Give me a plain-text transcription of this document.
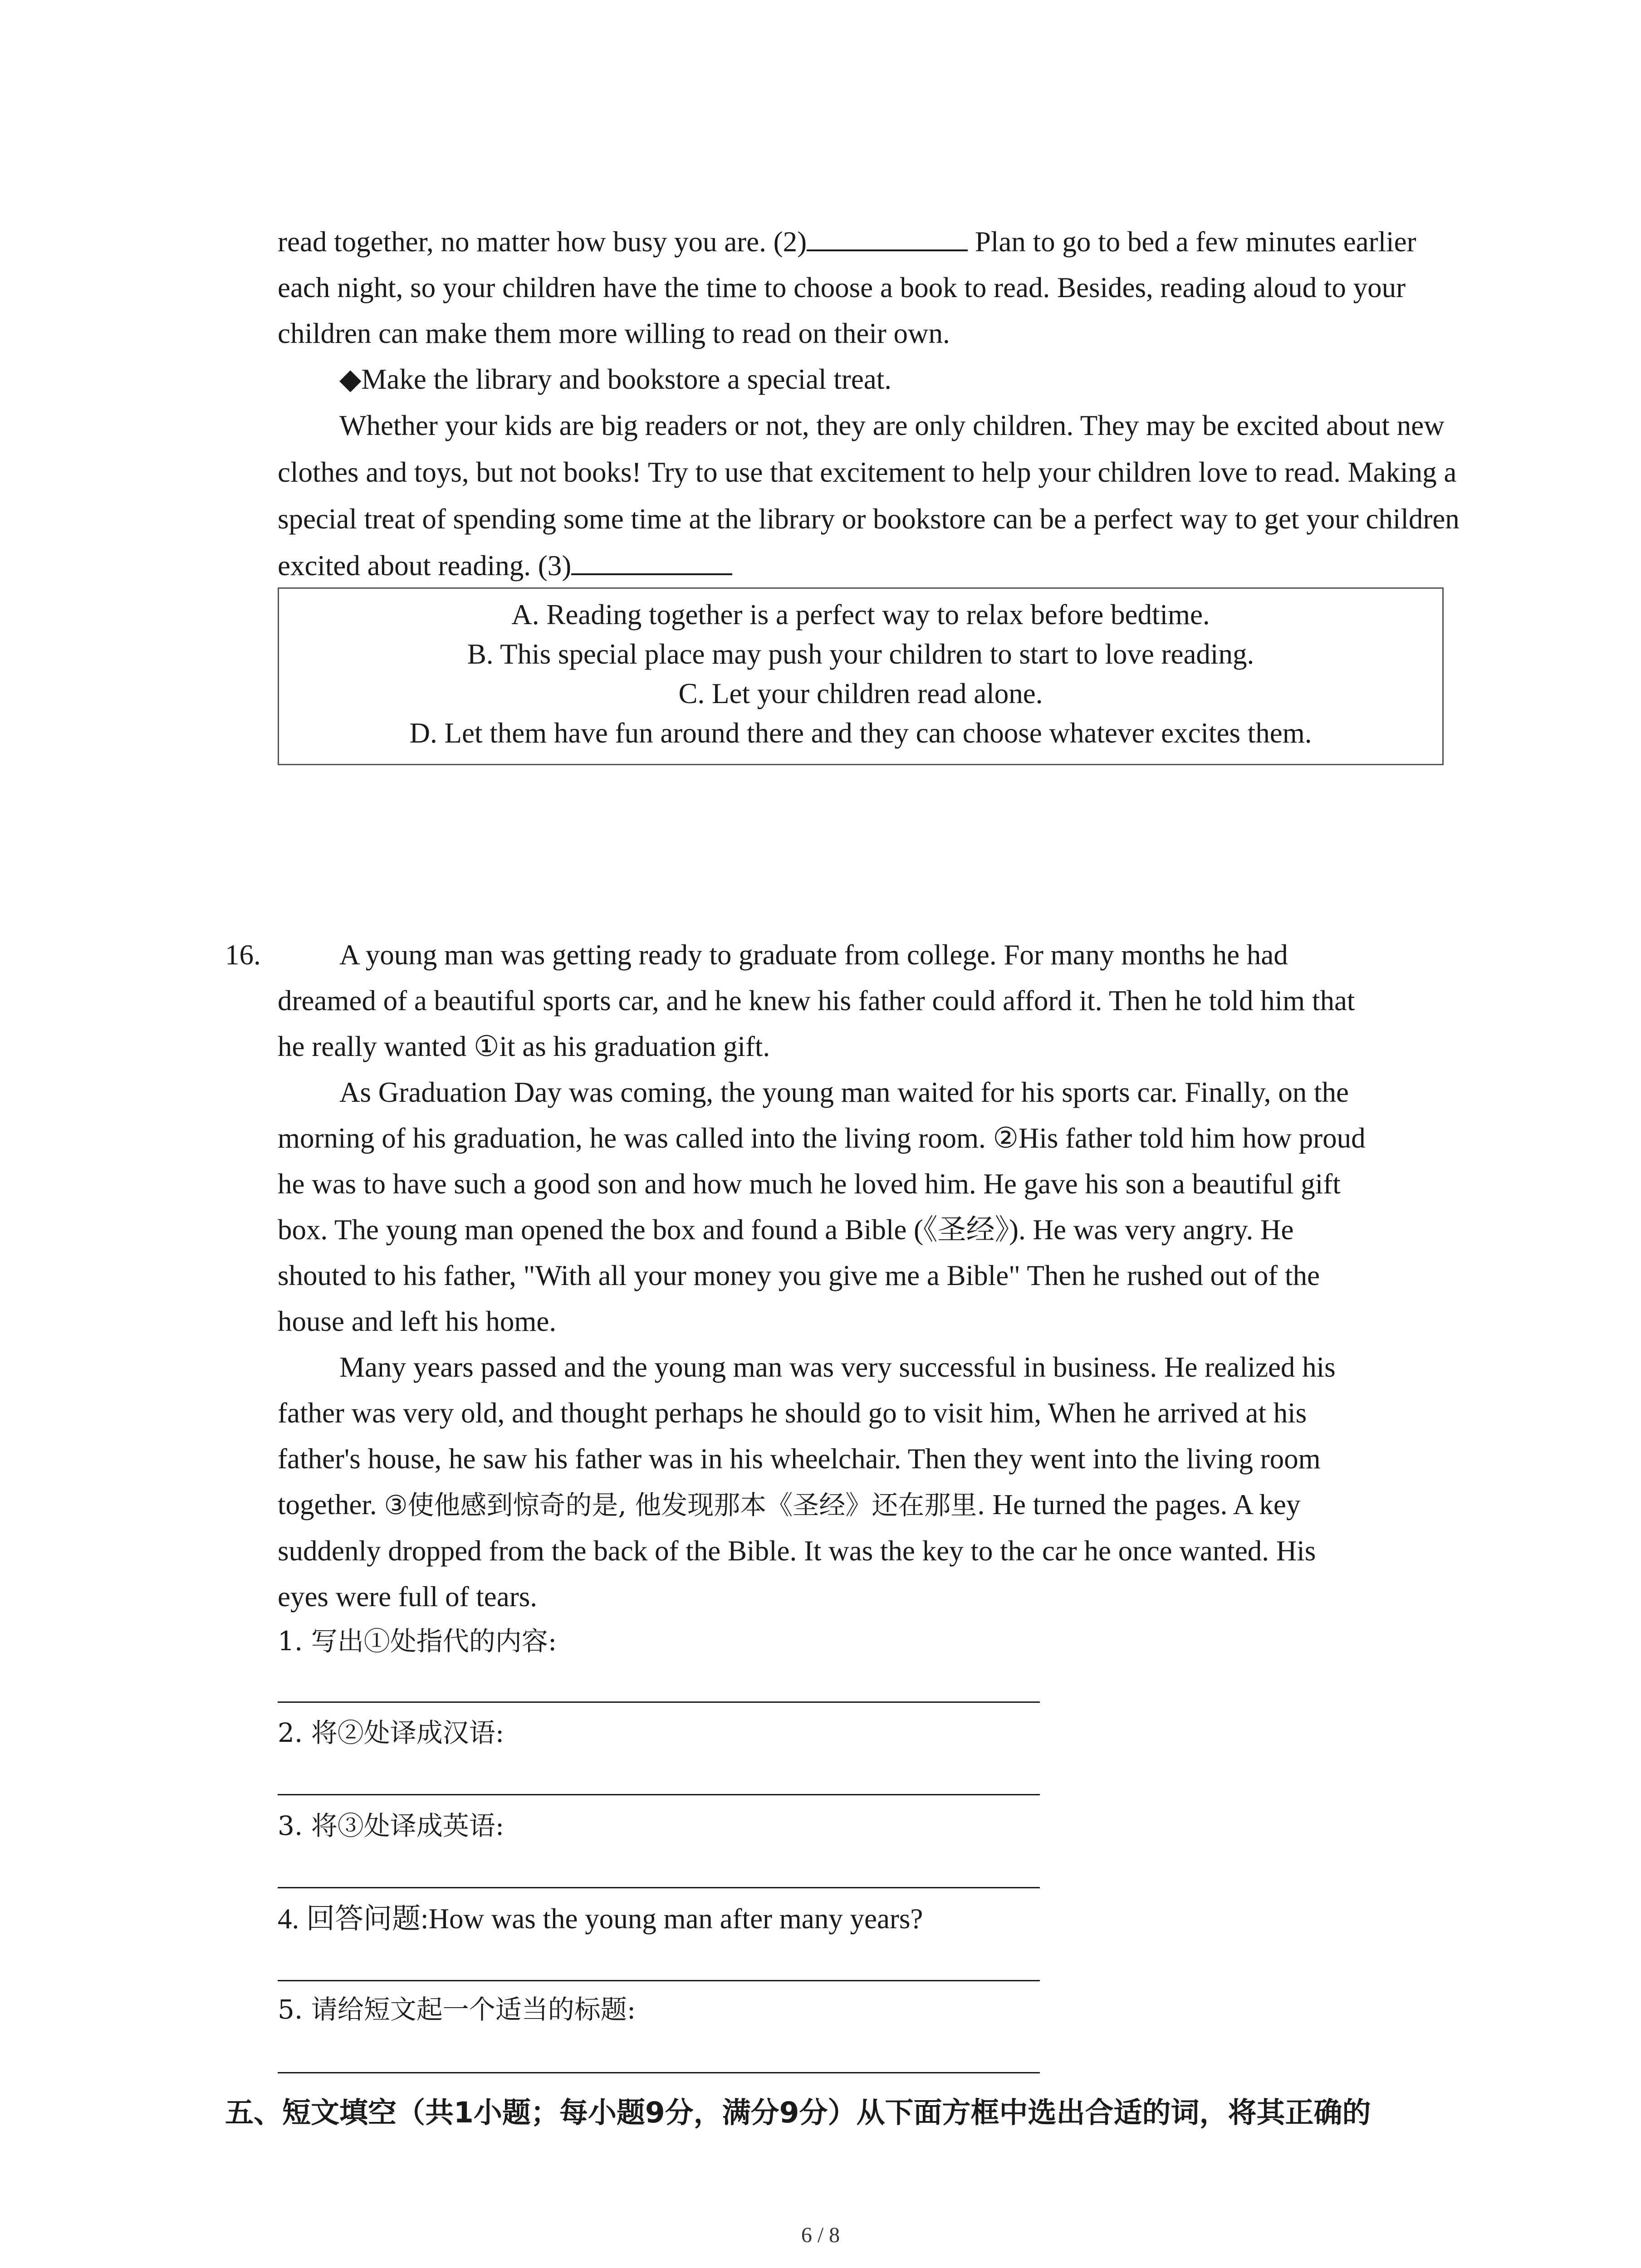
read together, no matter how busy you are. (2)	Plan to go to bed a few minutes earlier each night, so your children have the time to choose a book to read. Besides, reading aloud to your children can make them more willing to read on their own.

◆Make the library and bookstore a special treat.

Whether your kids are big readers or not, they are only children. They may be excited about new clothes and toys, but not books! Try to use that excitement to help your children love to read. Making a special treat of spending some time at the library or bookstore can be a perfect way to get your children excited about reading. (3)

A. Reading together is a perfect way to relax before bedtime.
B. This special place may push your children to start to love reading.
C. Let your children read alone.
D. Let them have fun around there and they can choose whatever excites them.
16.	A young man was getting ready to graduate from college. For many months he had
dreamed of a beautiful sports car, and he knew his father could afford it. Then he told him that
he really wanted ①it as his graduation gift.
As Graduation Day was coming, the young man waited for his sports car. Finally, on the
morning of his graduation, he was called into the living room. ②His father told him how proud
he was to have such a good son and how much he loved him. He gave his son a beautiful gift
box. The young man opened the box and found a Bible (《圣经》). He was very angry. He
shouted to his father, "With all your money you give me a Bible" Then he rushed out of the
house and left his home.
Many years passed and the young man was very successful in business. He realized his
father was very old, and thought perhaps he should go to visit him, When he arrived at his
father's house, he saw his father was in his wheelchair. Then they went into the living room
together. ③使他感到惊奇的是, 他发现那本《圣经》还在那里. He turned the pages. A key
suddenly dropped from the back of the Bible. It was the key to the car he once wanted. His
eyes were full of tears.
1. 写出①处指代的内容:
2. 将②处译成汉语:
3. 将③处译成英语:
4. 回答问题:How was the young man after many years?
5. 请给短文起一个适当的标题:
五、短文填空（共1小题；每小题9分，满分9分）从下面方框中选出合适的词，将其正确的
6 / 8
